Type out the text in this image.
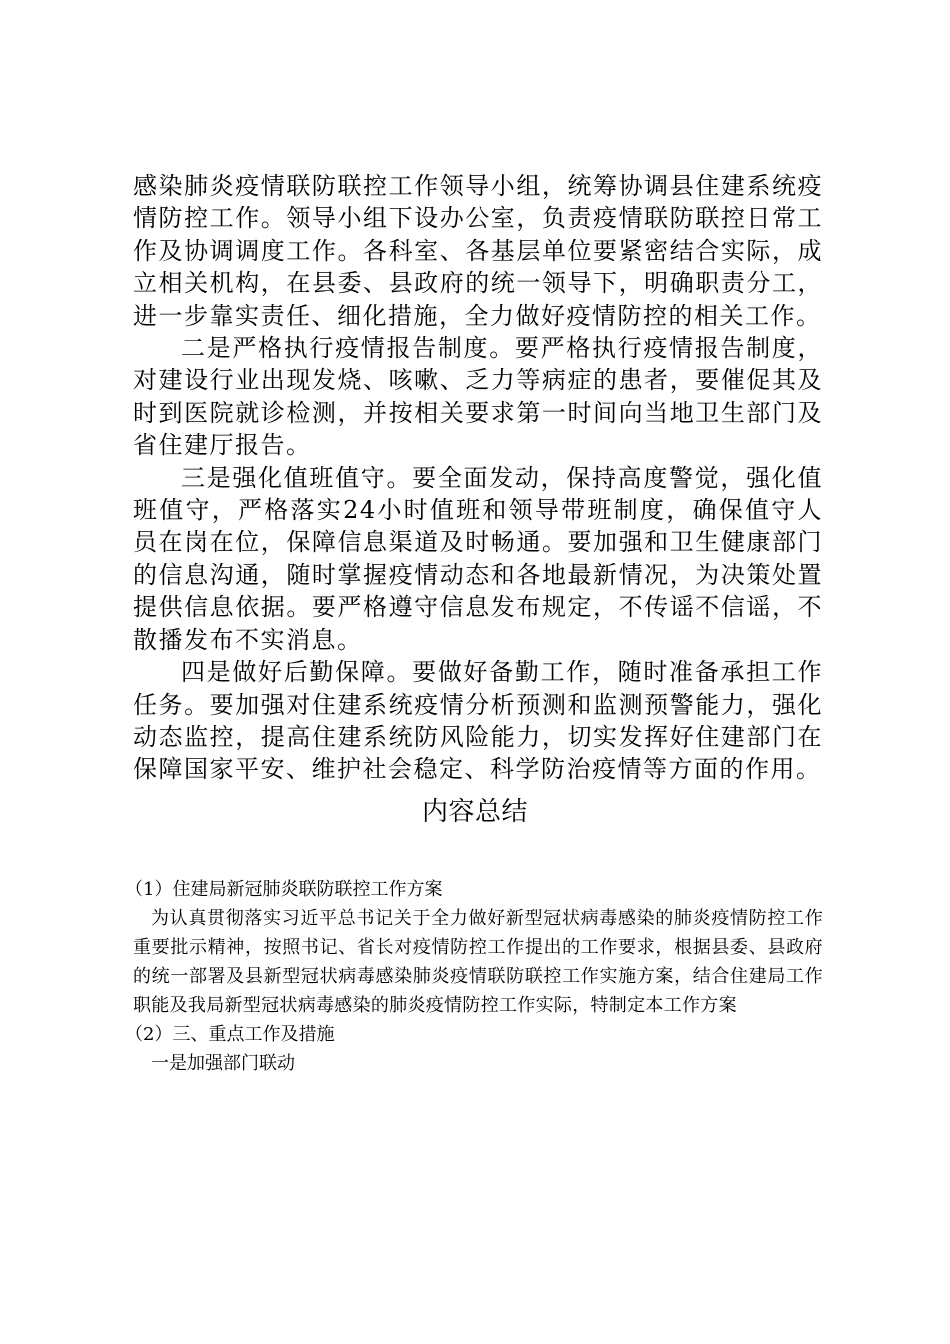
感染肺炎疫情联防联控工作领导小组，统筹协调县住建系统疫情防控工作。领导小组下设办公室，负责疫情联防联控日常工作及协调调度工作。各科室、各基层单位要紧密结合实际，成立相关机构，在县委、县政府的统一领导下，明确职责分工，进一步靠实责任、细化措施，全力做好疫情防控的相关工作。

二是严格执行疫情报告制度。要严格执行疫情报告制度，对建设行业出现发烧、咳嗽、乏力等病症的患者，要催促其及时到医院就诊检测，并按相关要求第一时间向当地卫生部门及省住建厅报告。

三是强化值班值守。要全面发动，保持高度警觉，强化值班值守，严格落实24小时值班和领导带班制度，确保值守人员在岗在位，保障信息渠道及时畅通。要加强和卫生健康部门的信息沟通，随时掌握疫情动态和各地最新情况，为决策处置提供信息依据。要严格遵守信息发布规定，不传谣不信谣，不散播发布不实消息。

四是做好后勤保障。要做好备勤工作，随时准备承担工作任务。要加强对住建系统疫情分析预测和监测预警能力，强化动态监控，提高住建系统防风险能力，切实发挥好住建部门在保障国家平安、维护社会稳定、科学防治疫情等方面的作用。

内容总结

（1）住建局新冠肺炎联防联控工作方案

为认真贯彻落实习近平总书记关于全力做好新型冠状病毒感染的肺炎疫情防控工作重要批示精神，按照书记、省长对疫情防控工作提出的工作要求，根据县委、县政府的统一部署及县新型冠状病毒感染肺炎疫情联防联控工作实施方案，结合住建局工作职能及我局新型冠状病毒感染的肺炎疫情防控工作实际，特制定本工作方案

（2）三、重点工作及措施

一是加强部门联动
